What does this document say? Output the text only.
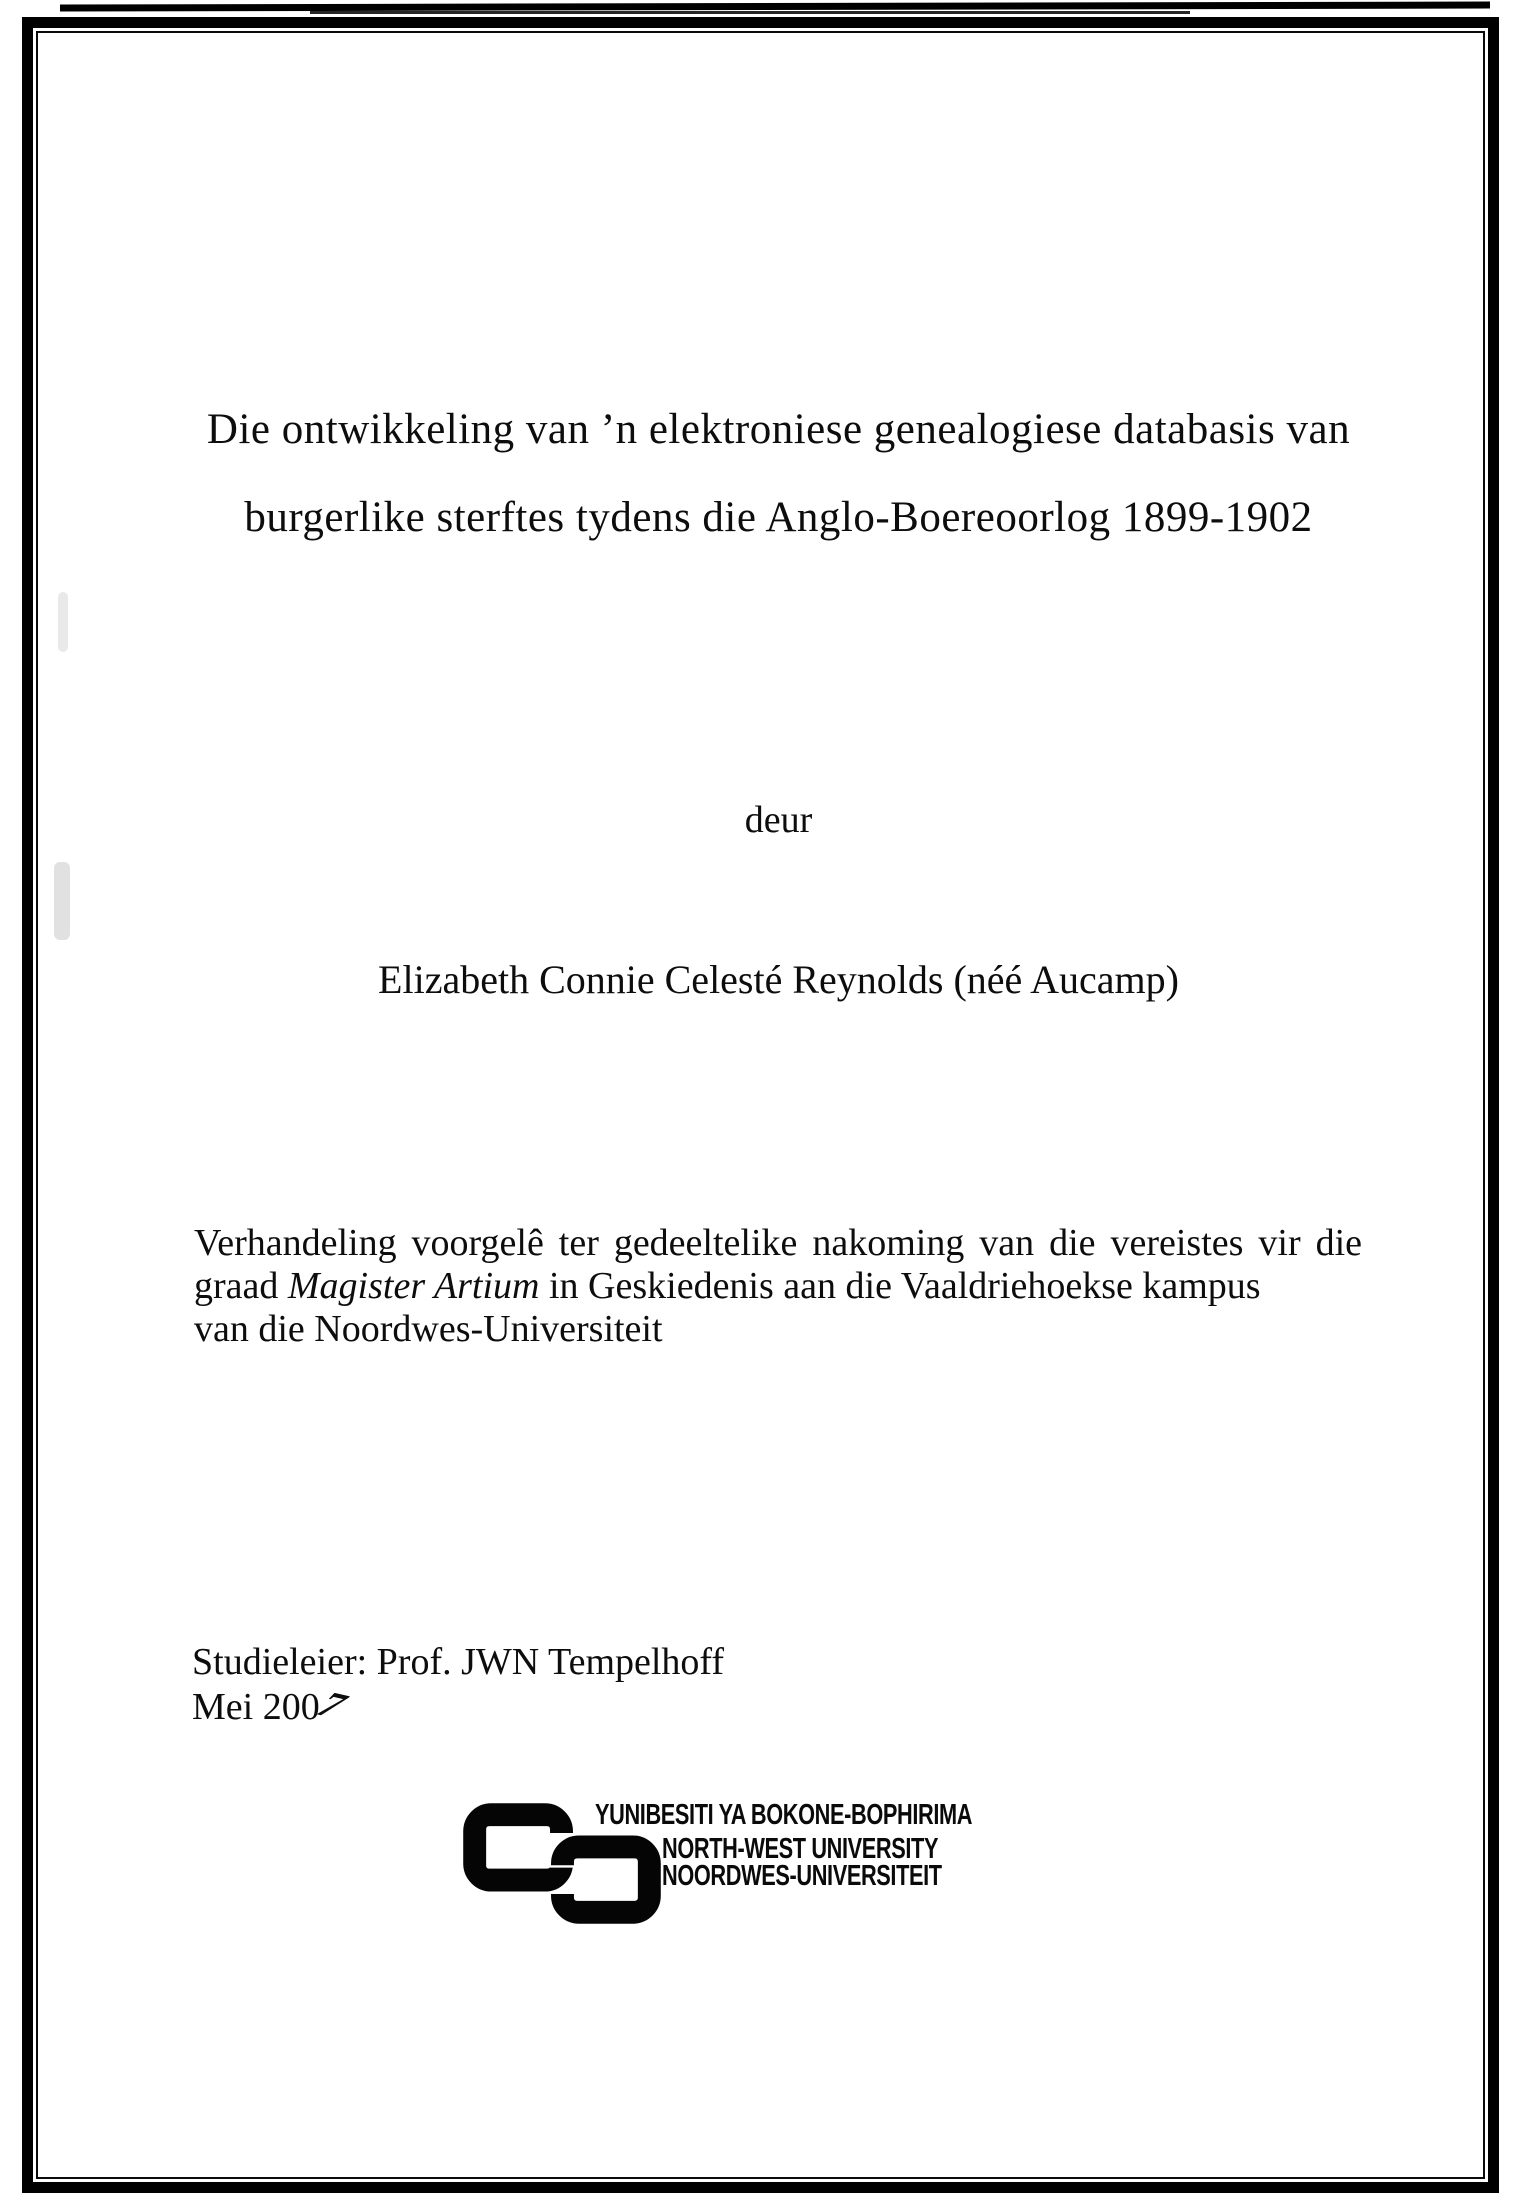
Die ontwikkeling van ’n elektroniese genealogiese databasis van
burgerlike sterftes tydens die Anglo-Boereoorlog 1899-1902
deur
Elizabeth Connie Celesté Reynolds (néé Aucamp)

Verhandeling voorgelê ter gedeeltelike nakoming van die vereistes vir die
graad Magister Artium in Geskiedenis aan die Vaaldriehoekse kampus
van die Noordwes-Universiteit

Studieleier: Prof. JWN Tempelhoff
Mei 2007
YUNIBESITI YA BOKONE-BOPHIRIMA
NORTH-WEST UNIVERSITY
NOORDWES-UNIVERSITEIT
